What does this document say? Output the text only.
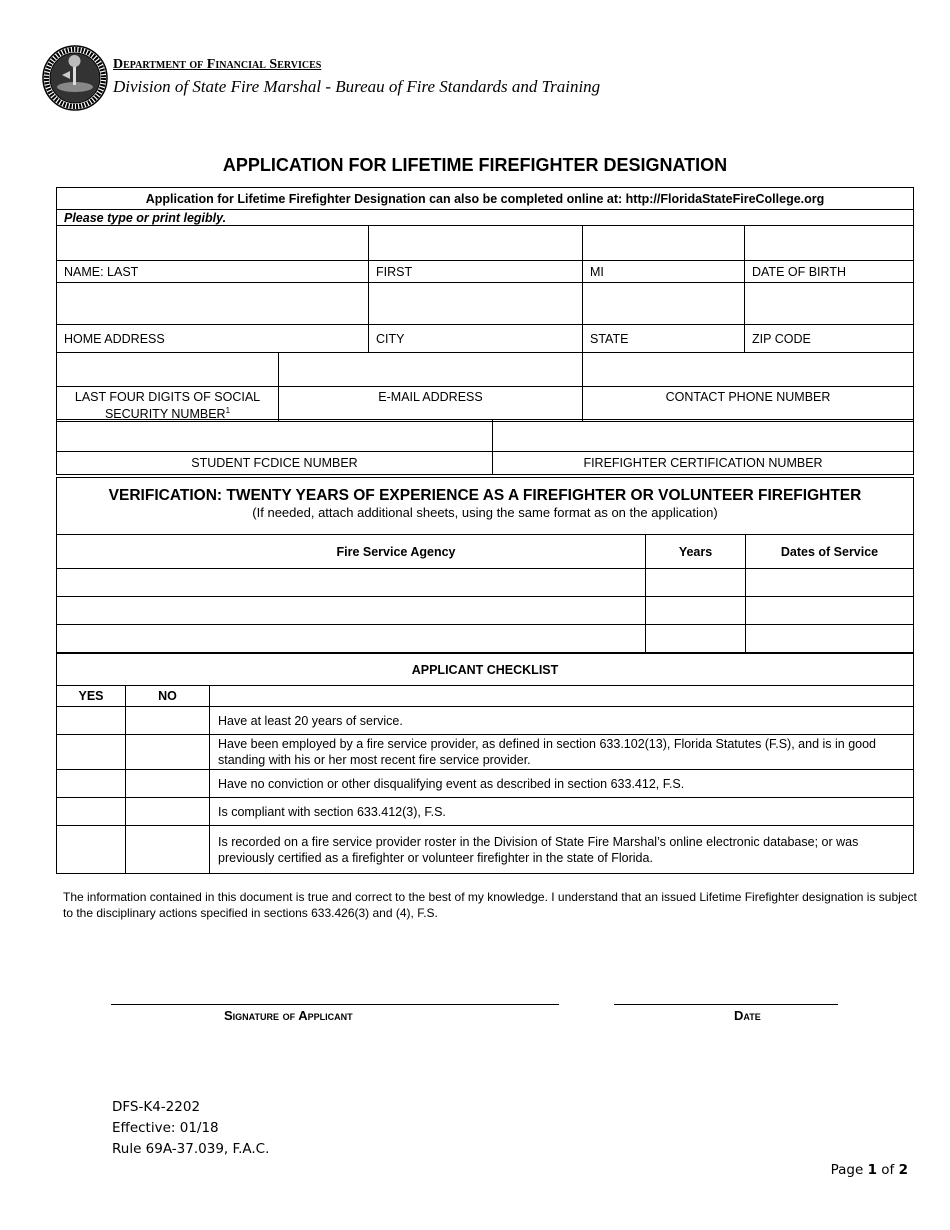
Department of Financial Services
Division of State Fire Marshal - Bureau of Fire Standards and Training
APPLICATION FOR LIFETIME FIREFIGHTER DESIGNATION
Application for Lifetime Firefighter Designation can also be completed online at: http://FloridaStateFireCollege.org				
Please type or print legibly.				

NAME: LAST		FIRST	MI	DATE OF BIRTH

HOME ADDRESS		CITY	STATE	ZIP CODE

LAST FOUR DIGITS OF SOCIAL
SECURITY NUMBER$^1$	E-MAIL ADDRESS		CONTACT PHONE NUMBER	

STUDENT FCDICE NUMBER	FIREFIGHTER CERTIFICATION NUMBER
VERIFICATION: TWENTY YEARS OF EXPERIENCE AS A FIREFIGHTER OR VOLUNTEER FIREFIGHTER
(If needed, attach additional sheets, using the same format as on the application)		

Fire Service Agency	Years	Dates of Service

APPLICANT CHECKLIST		
YES	NO	
		Have at least 20 years of service.
		Have been employed by a fire service provider, as defined in section 633.102(13), Florida Statutes (F.S), and is in good standing with his or her most recent fire service provider.
		Have no conviction or other disqualifying event as described in section 633.412, F.S.
		Is compliant with section 633.412(3), F.S.
		Is recorded on a fire service provider roster in the Division of State Fire Marshal’s online electronic database; or was previously certified as a firefighter or volunteer firefighter in the state of Florida.
The information contained in this document is true and correct to the best of my knowledge. I understand that an issued Lifetime Firefighter designation is subject to the disciplinary actions specified in sections 633.426(3) and (4), F.S.
Signature of Applicant	Date
DFS-K4-2202
Effective: 01/18
Rule 69A-37.039, F.A.C.
Page 1 of 2
